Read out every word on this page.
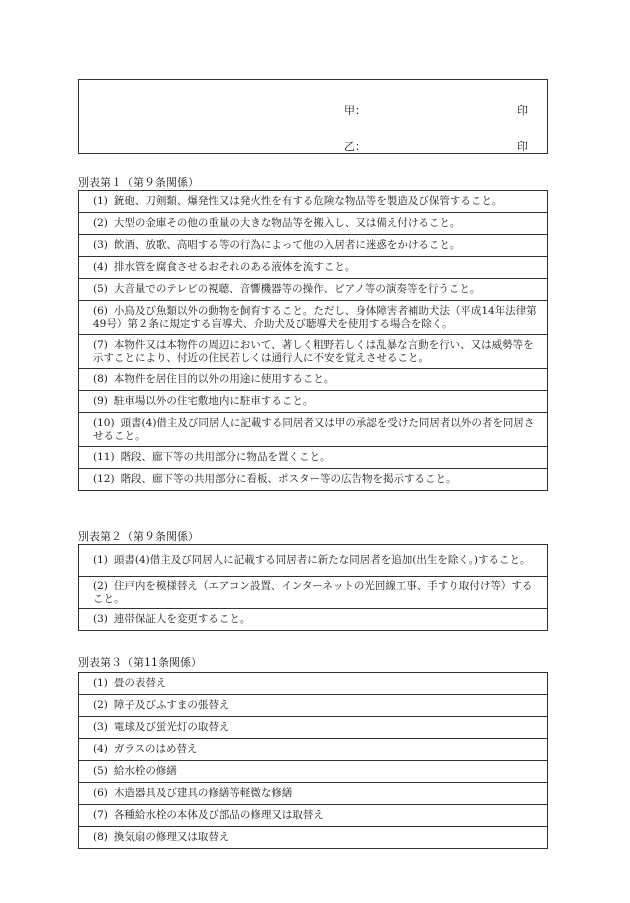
甲：	印
乙：	印
別表第１（第９条関係）
(1) 銃砲、刀剣類、爆発性又は発火性を有する危険な物品等を製造及び保管すること。
(2) 大型の金庫その他の重量の大きな物品等を搬入し、又は備え付けること。
(3) 飲酒、放歌、高唱する等の行為によって他の入居者に迷惑をかけること。
(4) 排水管を腐食させるおそれのある液体を流すこと。
(5) 大音量でのテレビの視聴、音響機器等の操作、ピアノ等の演奏等を行うこと。
(6) 小鳥及び魚類以外の動物を飼育すること。ただし、身体障害者補助犬法（平成14年法律第49号）第２条に規定する盲導犬、介助犬及び聴導犬を使用する場合を除く。
(7) 本物件又は本物件の周辺において、著しく粗野若しくは乱暴な言動を行い、又は威勢等を示すことにより、付近の住民若しくは通行人に不安を覚えさせること。
(8) 本物件を居住目的以外の用途に使用すること。
(9) 駐車場以外の住宅敷地内に駐車すること。
(10) 頭書(4)借主及び同居人に記載する同居者又は甲の承認を受けた同居者以外の者を同居させること。
(11) 階段、廊下等の共用部分に物品を置くこと。
(12) 階段、廊下等の共用部分に看板、ポスター等の広告物を掲示すること。
別表第２（第９条関係）
(1) 頭書(4)借主及び同居人に記載する同居者に新たな同居者を追加(出生を除く。)すること。
(2) 住戸内を模様替え（エアコン設置、インターネットの光回線工事、手すり取付け等）すること。
(3) 連帯保証人を変更すること。
別表第３（第11条関係）
(1) 畳の表替え
(2) 障子及びふすまの張替え
(3) 電球及び蛍光灯の取替え
(4) ガラスのはめ替え
(5) 給水栓の修繕
(6) 木造器具及び建具の修繕等軽微な修繕
(7) 各種給水栓の本体及び部品の修理又は取替え
(8) 換気扇の修理又は取替え
